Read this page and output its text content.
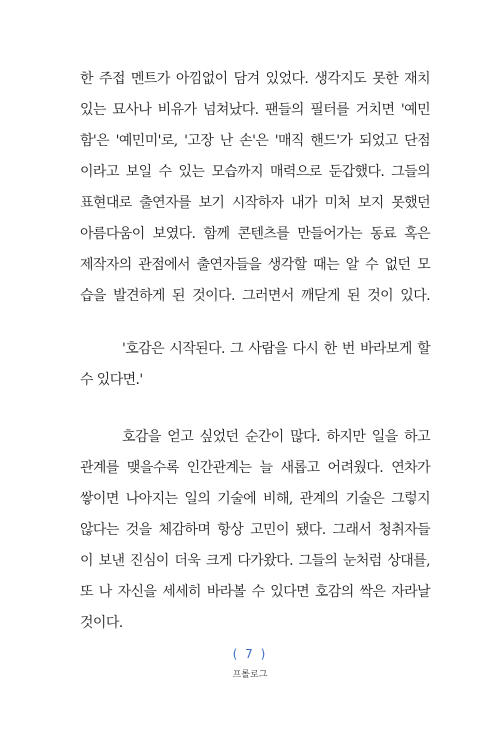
한 주접 멘트가 아낌없이 담겨 있었다. 생각지도 못한 재치
있는 묘사나 비유가 넘쳐났다. 팬들의 필터를 거치면 '예민
함'은 '예민미'로, '고장 난 손'은 '매직 핸드'가 되었고 단점
이라고 보일 수 있는 모습까지 매력으로 둔갑했다. 그들의
표현대로 출연자를 보기 시작하자 내가 미처 보지 못했던
아름다움이 보였다. 함께 콘텐츠를 만들어가는 동료 혹은
제작자의 관점에서 출연자들을 생각할 때는 알 수 없던 모
습을 발견하게 된 것이다. 그러면서 깨닫게 된 것이 있다.
'호감은 시작된다. 그 사람을 다시 한 번 바라보게 할
수 있다면.'
호감을 얻고 싶었던 순간이 많다. 하지만 일을 하고
관계를 맺을수록 인간관계는 늘 새롭고 어려웠다. 연차가
쌓이면 나아지는 일의 기술에 비해, 관계의 기술은 그렇지
않다는 것을 체감하며 항상 고민이 됐다. 그래서 청취자들
이 보낸 진심이 더욱 크게 다가왔다. 그들의 눈처럼 상대를,
또 나 자신을 세세히 바라볼 수 있다면 호감의 싹은 자라날
것이다.
( 7 )
프롤로그
